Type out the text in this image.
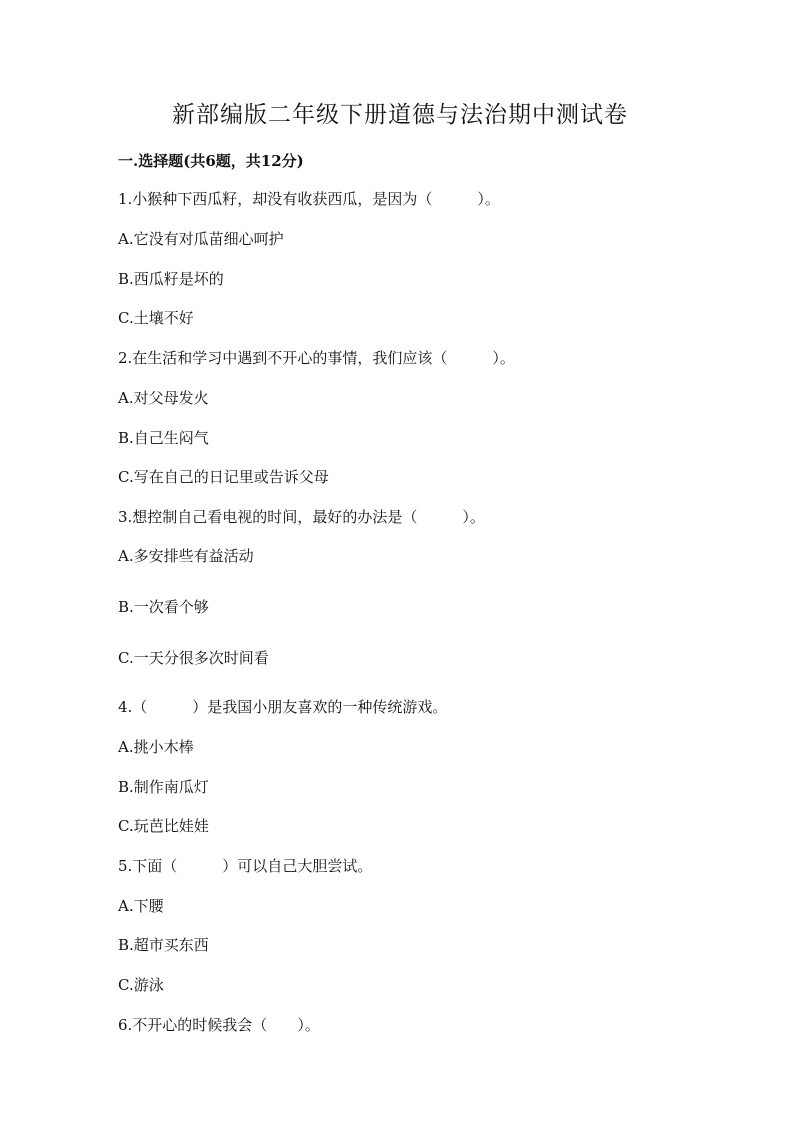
新部编版二年级下册道德与法治期中测试卷

一.选择题(共6题，共12分)

1.小猴种下西瓜籽，却没有收获西瓜，是因为（　　　）。

A.它没有对瓜苗细心呵护

B.西瓜籽是坏的

C.土壤不好

2.在生活和学习中遇到不开心的事情，我们应该（　　　）。

A.对父母发火

B.自己生闷气

C.写在自己的日记里或告诉父母

3.想控制自己看电视的时间，最好的办法是（　　　）。

A.多安排些有益活动

B.一次看个够

C.一天分很多次时间看

4.（　　　）是我国小朋友喜欢的一种传统游戏。

A.挑小木棒

B.制作南瓜灯

C.玩芭比娃娃

5.下面（　　　）可以自己大胆尝试。

A.下腰

B.超市买东西

C.游泳

6.不开心的时候我会（　　）。
